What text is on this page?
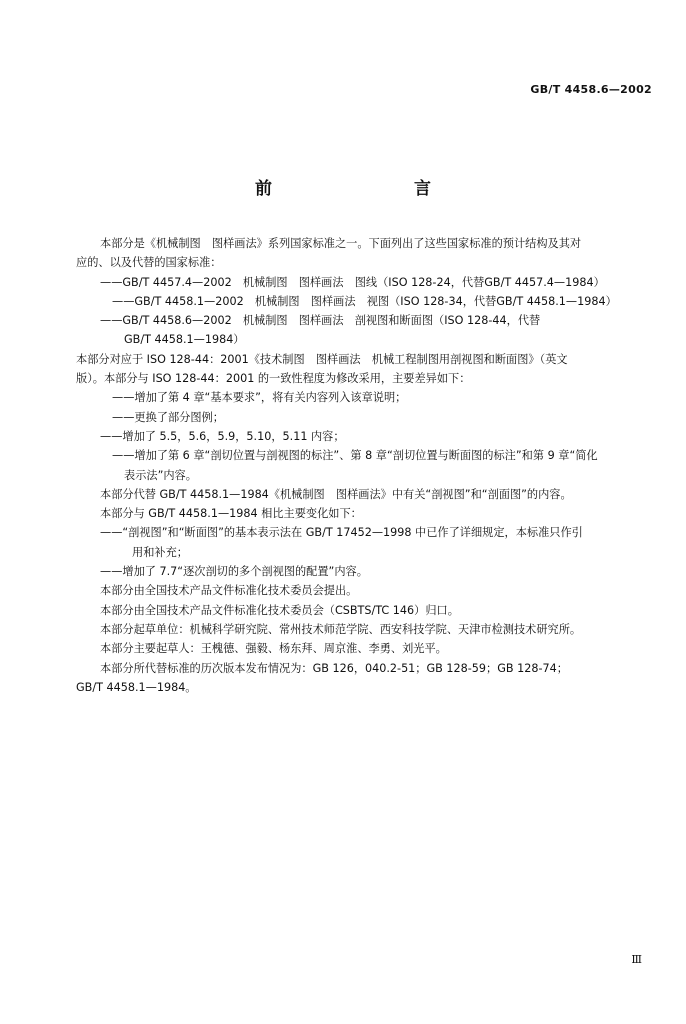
GB/T 4458.6—2002
前　　言
本部分是《机械制图　图样画法》系列国家标准之一。下面列出了这些国家标准的预计结构及其对
应的、以及代替的国家标准：
——GB/T 4457.4—2002　机械制图　图样画法　图线（ISO 128-24，代替GB/T 4457.4—1984）
——GB/T 4458.1—2002　机械制图　图样画法　视图（ISO 128-34，代替GB/T 4458.1—1984）
——GB/T 4458.6—2002　机械制图　图样画法　剖视图和断面图（ISO 128-44，代替
GB/T 4458.1—1984）
本部分对应于 ISO 128-44：2001《技术制图　图样画法　机械工程制图用剖视图和断面图》（英文
版）。本部分与 ISO 128-44：2001 的一致性程度为修改采用，主要差异如下：
——增加了第 4 章“基本要求”，将有关内容列入该章说明；
——更换了部分图例；
——增加了 5.5，5.6，5.9，5.10，5.11 内容；
——增加了第 6 章“剖切位置与剖视图的标注”、第 8 章“剖切位置与断面图的标注”和第 9 章“简化
表示法”内容。
本部分代替 GB/T 4458.1—1984《机械制图　图样画法》中有关“剖视图”和“剖面图”的内容。
本部分与 GB/T 4458.1—1984 相比主要变化如下：
——“剖视图”和“断面图”的基本表示法在 GB/T 17452—1998 中已作了详细规定，本标准只作引
用和补充；
——增加了 7.7“逐次剖切的多个剖视图的配置”内容。
本部分由全国技术产品文件标准化技术委员会提出。
本部分由全国技术产品文件标准化技术委员会（CSBTS/TC 146）归口。
本部分起草单位：机械科学研究院、常州技术师范学院、西安科技学院、天津市检测技术研究所。
本部分主要起草人：王槐德、强毅、杨东拜、周京淮、李勇、刘光平。
本部分所代替标准的历次版本发布情况为：GB 126，040.2-51；GB 128-59；GB 128-74；
GB/T 4458.1—1984。
Ⅲ
